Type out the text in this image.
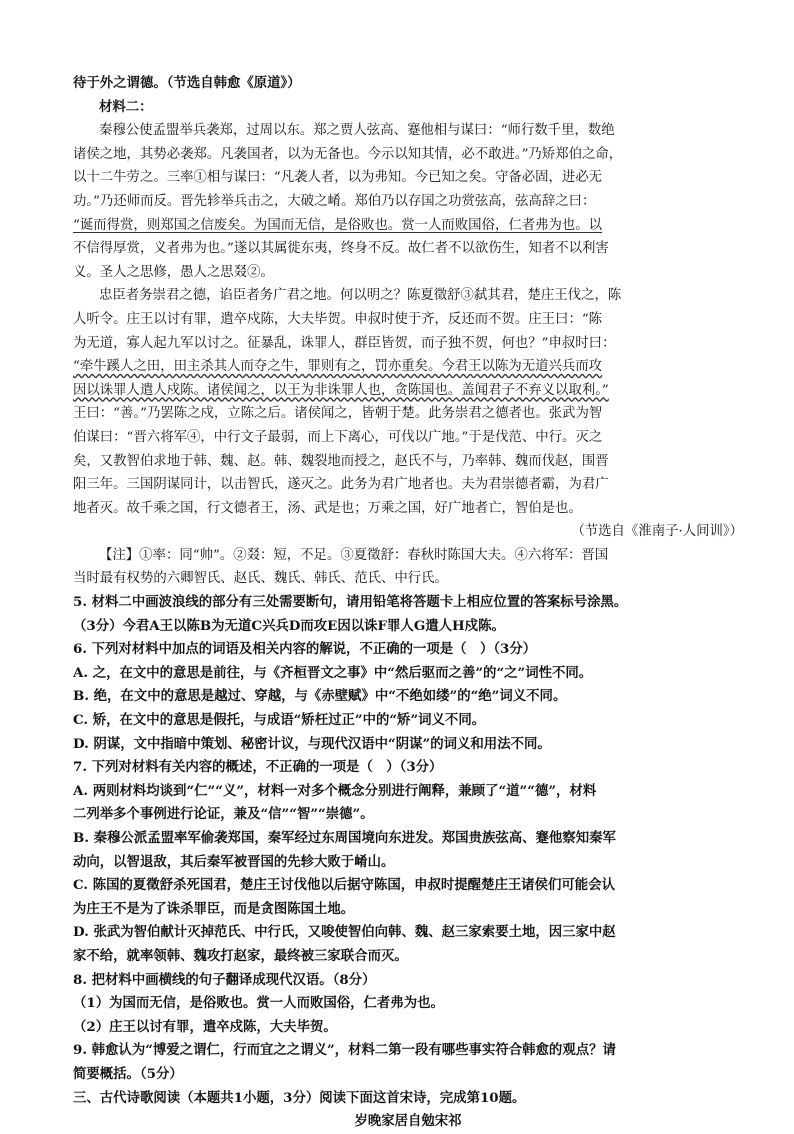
待于外之谓德。（节选自韩愈《原道》）
材料二：
秦穆公使孟盟举兵袭郑，过周以东。郑之贾人弦高、蹇他相与谋曰：“师行数千里，数绝
诸侯之地，其势必袭郑。凡袭国者，以为无备也。今示以知其情，必不敢进。”乃矫郑伯之命，
以十二牛劳之。三率①相与谋曰：“凡袭人者，以为弗知。今已知之矣。守备必固，进必无
功。”乃还师而反。晋先轸举兵击之，大破之崤。郑伯乃以存国之功赏弦高，弦高辞之曰：
“诞而得赏，则郑国之信废矣。为国而无信，是俗败也。赏一人而败国俗，仁者弗为也。以
不信得厚赏，义者弗为也。”遂以其属徙东夷，终身不反。故仁者不以欲伤生，知者不以利害
义。圣人之思修，愚人之思叕②。
忠臣者务崇君之德，谄臣者务广君之地。何以明之？陈夏徵舒③弑其君，楚庄王伐之，陈
人听令。庄王以讨有罪，遣卒戍陈，大夫毕贺。申叔时使于齐，反还而不贺。庄王曰：“陈
为无道，寡人起九军以讨之。征暴乱，诛罪人，群臣皆贺，而子独不贺，何也？”申叔时曰：
“牵牛蹊人之田，田主杀其人而夺之牛，罪则有之，罚亦重矣。今君王以陈为无道兴兵而攻
因以诛罪人遣人戍陈。诸侯闻之，以王为非诛罪人也，贪陈国也。盖闻君子不弃义以取利。”
王曰：“善。”乃罢陈之戍，立陈之后。诸侯闻之，皆朝于楚。此务崇君之德者也。张武为智
伯谋曰：“晋六将军④，中行文子最弱，而上下离心，可伐以广地。”于是伐范、中行。灭之
矣，又教智伯求地于韩、魏、赵。韩、魏裂地而授之，赵氏不与，乃率韩、魏而伐赵，围晋
阳三年。三国阴谋同计，以击智氏，遂灭之。此务为君广地者也。夫为君崇德者霸，为君广
地者灭。故千乘之国，行文德者王，汤、武是也；万乘之国，好广地者亡，智伯是也。
（节选自《淮南子·人间训》）
【注】①率：同“帅”。②叕：短，不足。③夏徵舒：春秋时陈国大夫。④六将军：晋国
当时最有权势的六卿智氏、赵氏、魏氏、韩氏、范氏、中行氏。
5. 材料二中画波浪线的部分有三处需要断句，请用铅笔将答题卡上相应位置的答案标号涂黑。
（3分）今君A王以陈B为无道C兴兵D而攻E因以诛F罪人G遣人H戍陈。
6. 下列对材料中加点的词语及相关内容的解说，不正确的一项是（　）（3分）
A. 之，在文中的意思是前往，与《齐桓晋文之事》中“然后驱而之善”的“之”词性不同。
B. 绝，在文中的意思是越过、穿越，与《赤壁赋》中“不绝如缕”的“绝”词义不同。
C. 矫，在文中的意思是假托，与成语“矫枉过正”中的“矫”词义不同。
D. 阴谋，文中指暗中策划、秘密计议，与现代汉语中“阴谋”的词义和用法不同。
7. 下列对材料有关内容的概述，不正确的一项是（　）（3分）
A. 两则材料均谈到“仁”“义”，材料一对多个概念分别进行阐释，兼顾了“道”“德”，材料
二列举多个事例进行论证，兼及“信”“智”“崇德”。
B. 秦穆公派孟盟率军偷袭郑国，秦军经过东周国境向东进发。郑国贵族弦高、蹇他察知秦军
动向，以智退敌，其后秦军被晋国的先轸大败于崤山。
C. 陈国的夏徵舒杀死国君，楚庄王讨伐他以后据守陈国，申叔时提醒楚庄王诸侯们可能会认
为庄王不是为了诛杀罪臣，而是贪图陈国土地。
D. 张武为智伯献计灭掉范氏、中行氏，又唆使智伯向韩、魏、赵三家索要土地，因三家中赵
家不给，就率领韩、魏攻打赵家，最终被三家联合而灭。
8. 把材料中画横线的句子翻译成现代汉语。（8分）
（1）为国而无信，是俗败也。赏一人而败国俗，仁者弗为也。
（2）庄王以讨有罪，遣卒戍陈，大夫毕贺。
9. 韩愈认为“博爱之谓仁，行而宜之之谓义”，材料二第一段有哪些事实符合韩愈的观点？请
简要概括。（5分）
三、古代诗歌阅读（本题共1小题，3分）阅读下面这首宋诗，完成第10题。
岁晚家居自勉宋祁
